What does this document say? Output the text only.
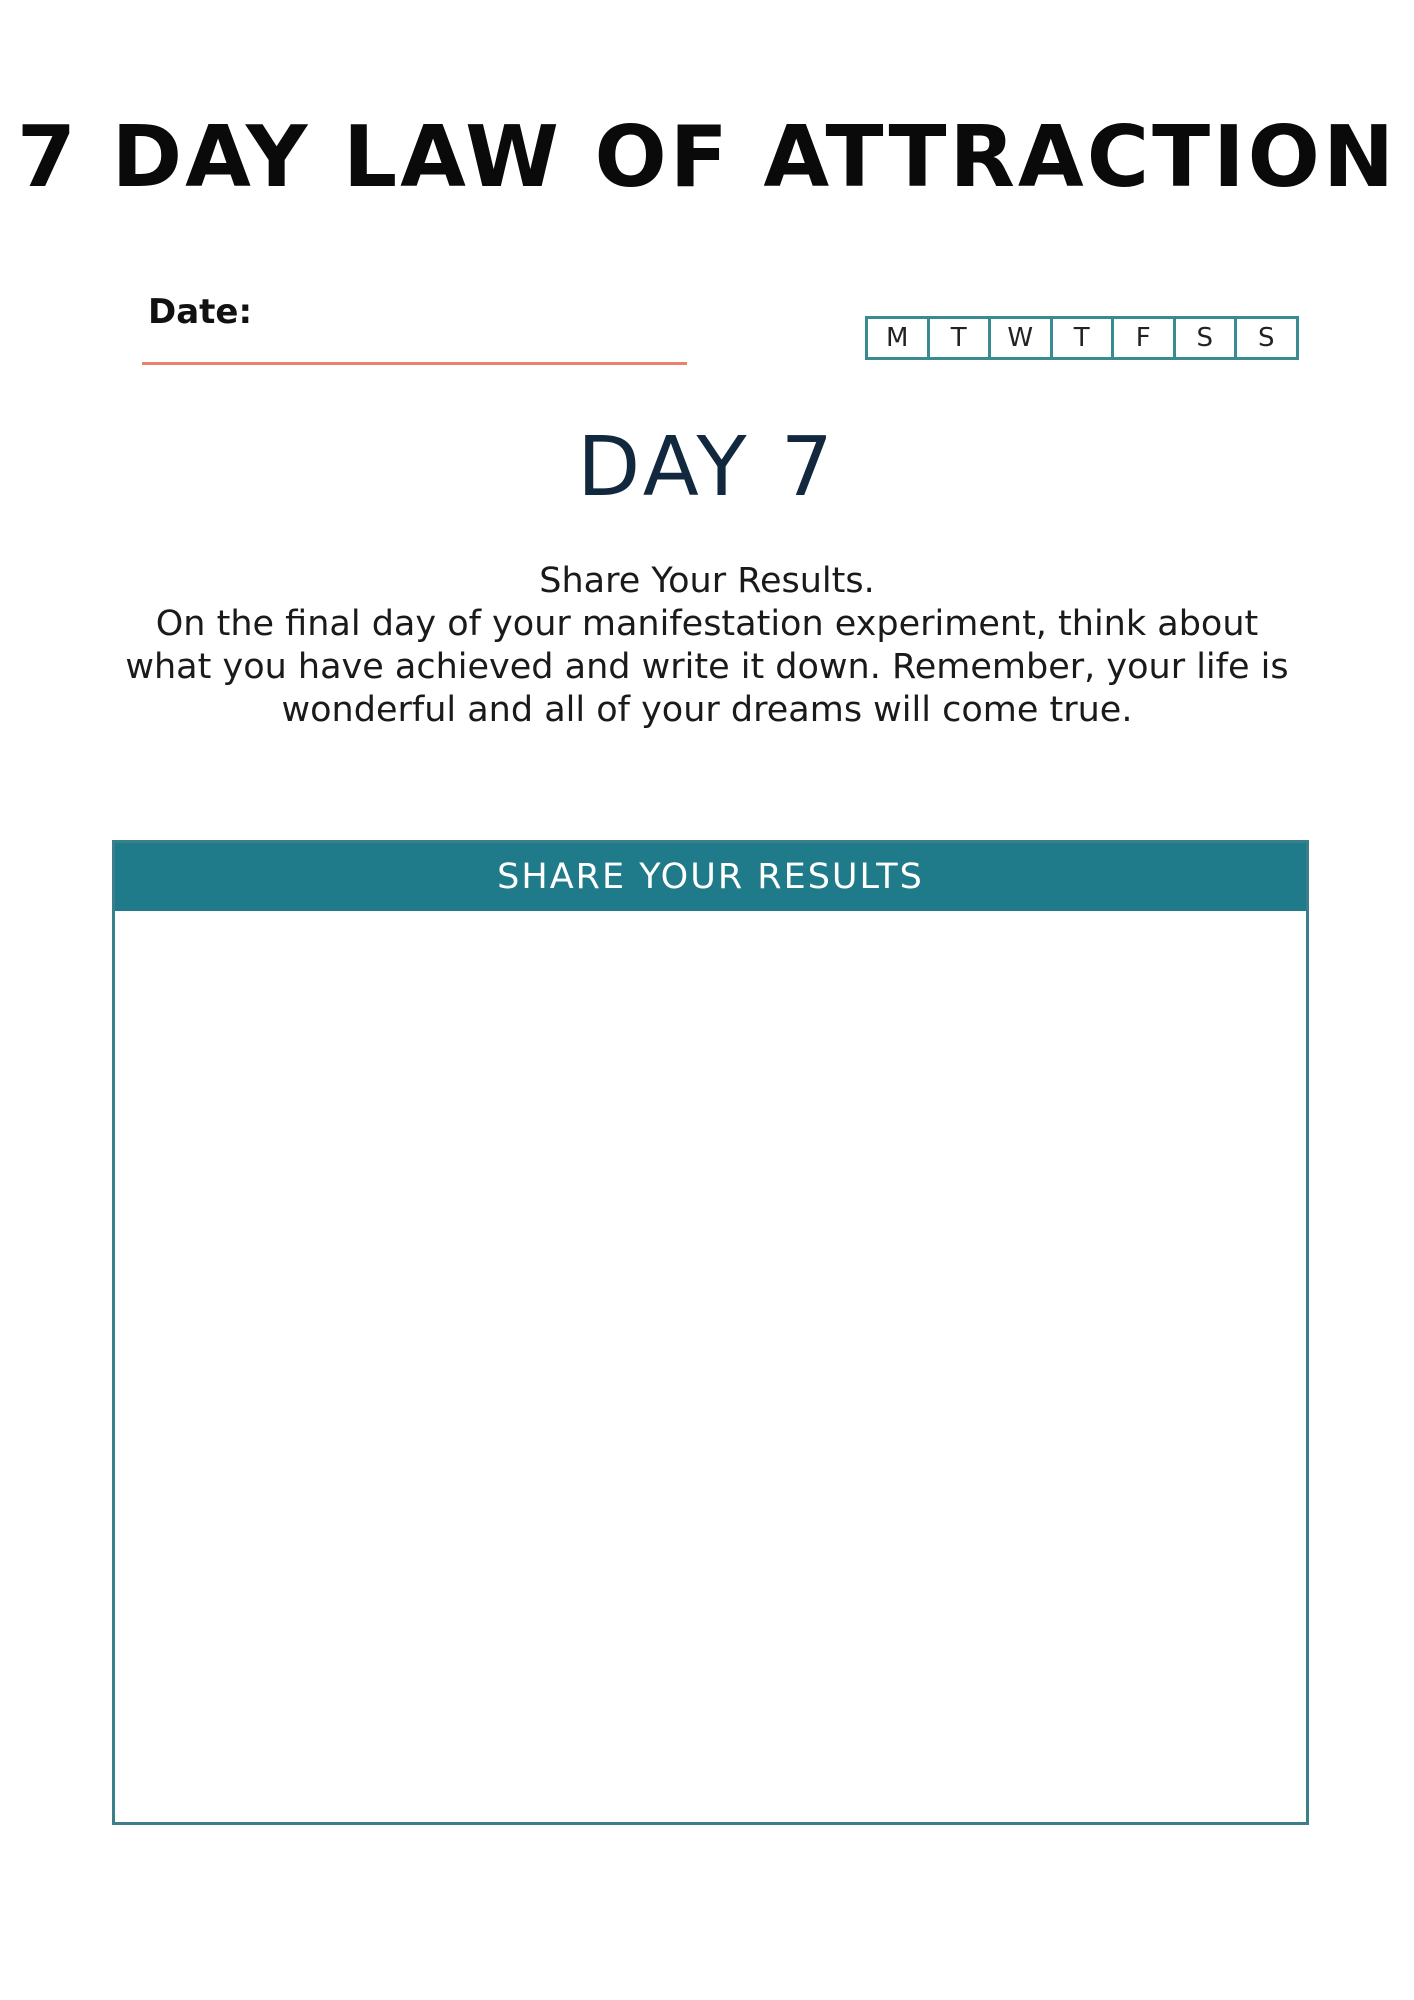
7 DAY LAW OF ATTRACTION
Date:
M	T	W	T	F	S	S
DAY 7
Share Your Results.
On the final day of your manifestation experiment, think about
what you have achieved and write it down. Remember, your life is
wonderful and all of your dreams will come true.
SHARE YOUR RESULTS
